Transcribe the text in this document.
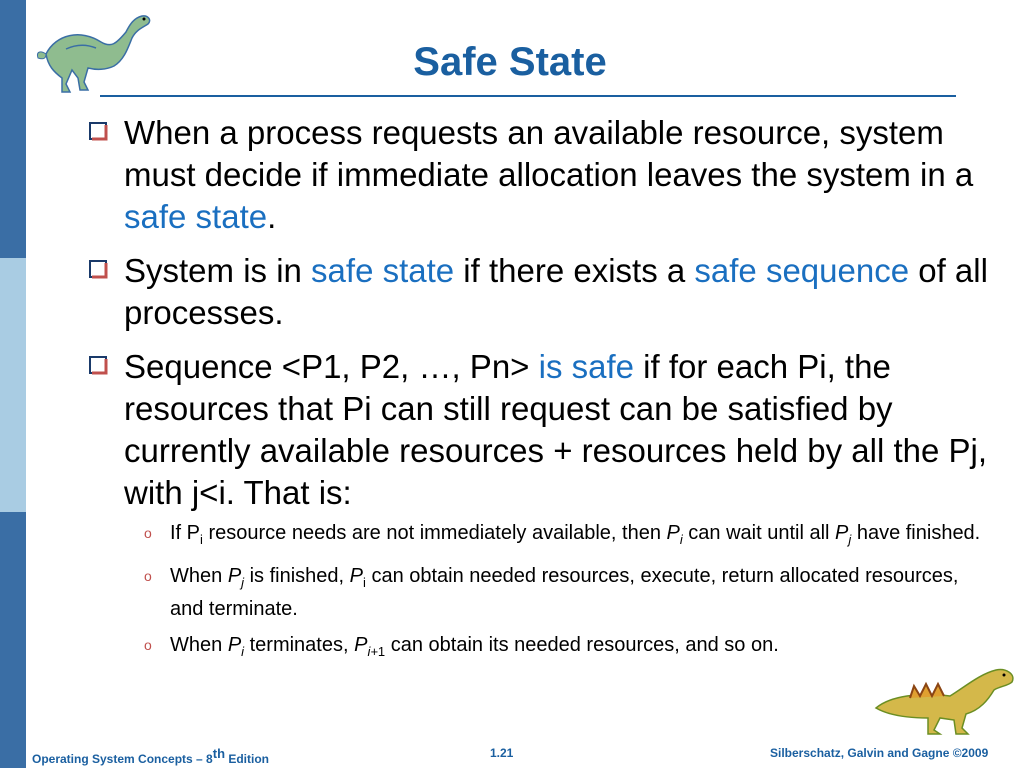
Safe State
When a process requests an available resource, system must decide if immediate allocation leaves the system in a safe state.
System is in safe state if there exists a safe sequence of all processes.
Sequence <P1, P2, …, Pn> is safe if for each Pi, the resources that Pi can still request can be satisfied by currently available resources + resources held by all the Pj, with j<i. That is:
o If $P_i$ resource needs are not immediately available, then $P_i$ can wait until all $P_j$ have finished.
o When $P_j$ is finished, $P_i$ can obtain needed resources, execute, return allocated resources, and terminate.
o When $P_i$ terminates, $P_{i+1}$ can obtain its needed resources, and so on.
Operating System Concepts – 8th Edition	1.21	Silberschatz, Galvin and Gagne ©2009
